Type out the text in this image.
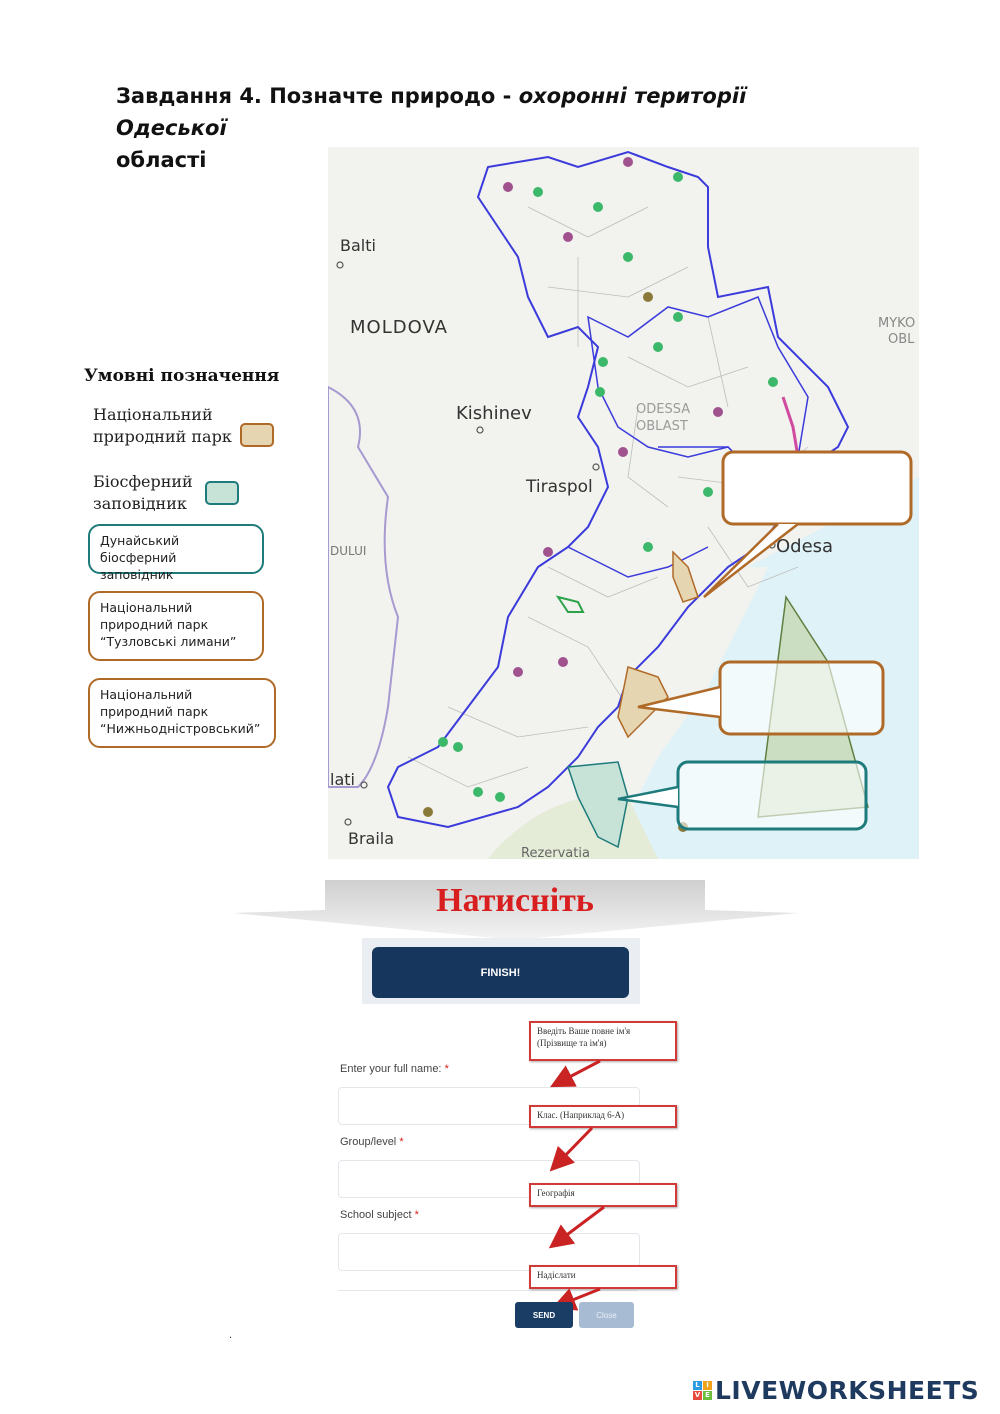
Завдання 4. Позначте природо - охоронні території Одеської
області
Balti
MOLDOVA
Kishinev
Tiraspol
ODESSA
OBLAST
Odesa
MYKO
OBL
DULUI
lati
Braila
Rezervatia
Умовні позначення
Національний
природний парк
Біосферний
заповідник
Дунайський
біосферний заповідник
Національний
природний парк
“Тузловські лимани”
Національний
природний парк
“Нижньодністровський”
Натисніть
FINISH!
Enter your full name: *
Group/level *
School subject *
Введіть Ваше повне ім'я (Прізвище та ім'я)
Клас. (Наприклад 6-А)
Географія
Надіслати
SEND	Close
.
L I
V E LIVEWORKSHEETS
